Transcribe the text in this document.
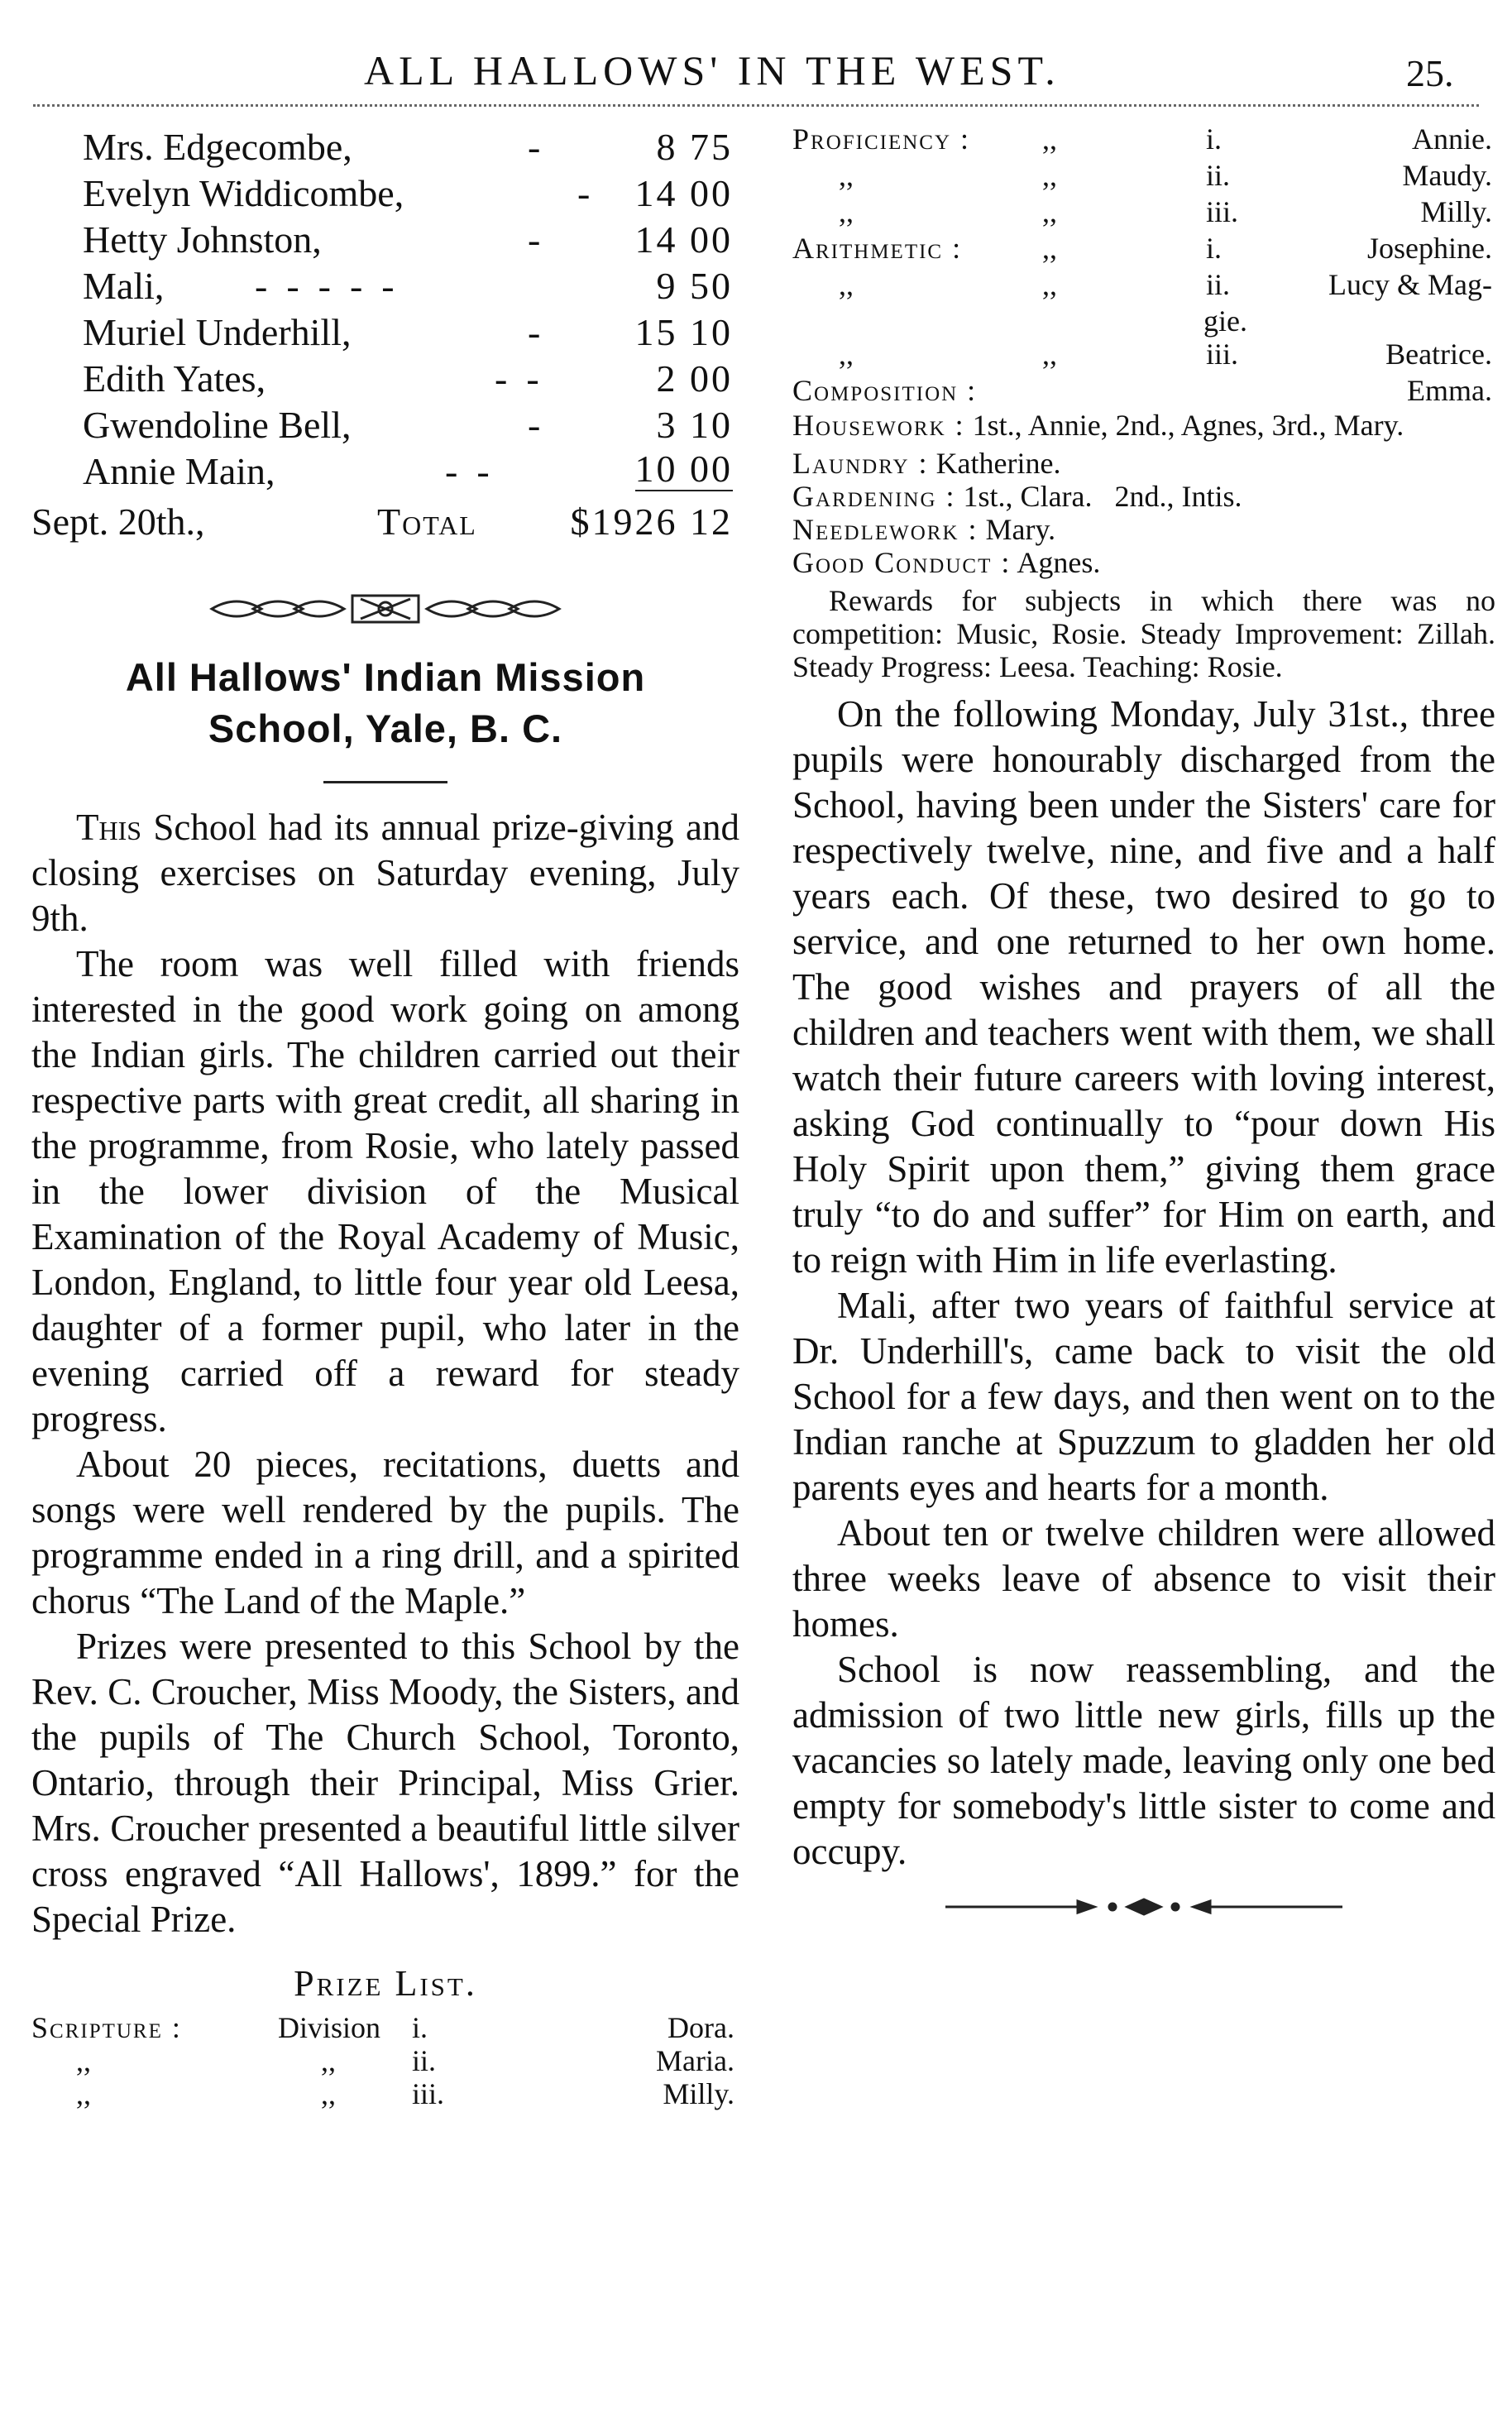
ALL HALLOWS' IN THE WEST.	25.
Mrs. Edgecombe,	-	8 75
Evelyn Widdicombe,	- 14 00
Hetty Johnston,	- 14 00
Mali, -  -  -  -  -	9 50
Muriel Underhill,	- 15 10
Edith Yates,	-  -	2 00
Gwendoline Bell,	-	3 10
Annie Main,	-  -	10 00
Sept. 20th.,	Total $1926 12
All Hallows' Indian Mission
School, Yale, B. C.

This School had its annual prize-giving and closing exercises on Saturday evening, July 9th.

The room was well filled with friends interested in the good work going on among the Indian girls. The children carried out their respective parts with great credit, all sharing in the programme, from Rosie, who lately passed in the lower division of the Musical Examination of the Royal Academy of Music, London, England, to little four year old Leesa, daughter of a former pupil, who later in the evening carried off a reward for steady progress.

About 20 pieces, recitations, duetts and songs were well rendered by the pupils. The programme ended in a ring drill, and a spirited chorus “The Land of the Maple.”

Prizes were presented to this School by the Rev. C. Croucher, Miss Moody, the Sisters, and the pupils of The Church School, Toronto, Ontario, through their Principal, Miss Grier. Mrs. Croucher presented a beautiful little silver cross engraved “All Hallows', 1899.” for the Special Prize.

Prize List.
Scripture :	Division i.	Dora.
,,	,,	ii.	Maria.
,,	,,	iii.	Milly.
Proficiency : ,,	i.	Annie.
,,	,,	ii.	Maudy.
,,	,,	iii.	Milly.
Arithmetic :	,,	i.	Josephine.
,,	,,	ii.	Lucy & Mag-
gie.
,,	,,	iii.	Beatrice.
Composition :	Emma.
Housework : 1st., Annie, 2nd., Agnes, 3rd., Mary.
Laundry : Katherine.
Gardening : 1st., Clara.   2nd., Intis.
Needlework : Mary.
Good Conduct : Agnes.

Rewards for subjects in which there was no competition: Music, Rosie. Steady Improvement: Zillah. Steady Progress: Leesa. Teaching: Rosie.

On the following Monday, July 31st., three pupils were honourably discharged from the School, having been under the Sisters' care for respectively twelve, nine, and five and a half years each. Of these, two desired to go to service, and one returned to her own home. The good wishes and prayers of all the children and teachers went with them, we shall watch their future careers with loving interest, asking God continually to “pour down His Holy Spirit upon them,” giving them grace truly “to do and suffer” for Him on earth, and to reign with Him in life everlasting.

Mali, after two years of faithful service at Dr. Underhill's, came back to visit the old School for a few days, and then went on to the Indian ranche at Spuzzum to gladden her old parents eyes and hearts for a month.

About ten or twelve children were allowed three weeks leave of absence to visit their homes.

School is now reassembling, and the admission of two little new girls, fills up the vacancies so lately made, leaving only one bed empty for somebody's little sister to come and occupy.
